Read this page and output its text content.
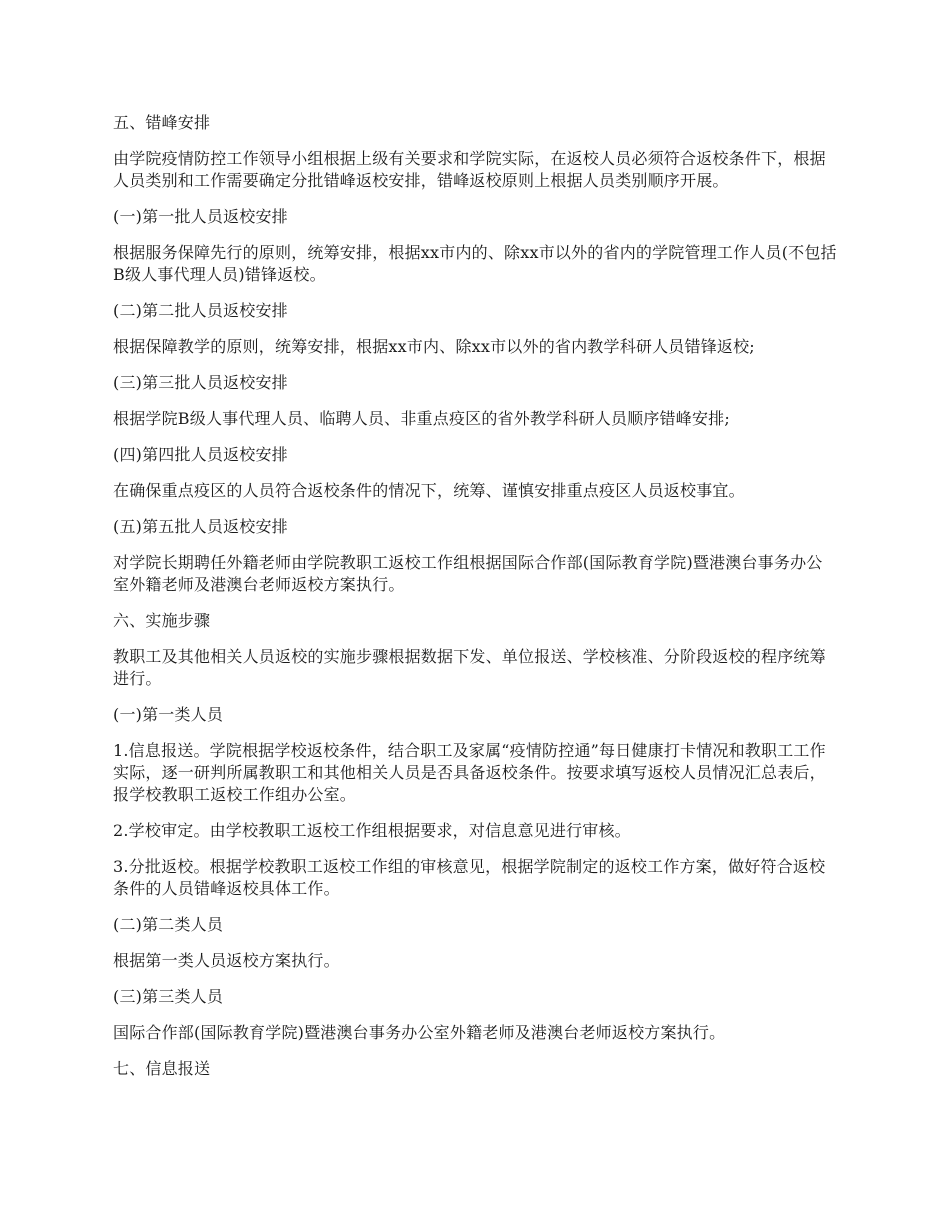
五、错峰安排

由学院疫情防控工作领导小组根据上级有关要求和学院实际，在返校人员必须符合返校条件下，根据人员类别和工作需要确定分批错峰返校安排，错峰返校原则上根据人员类别顺序开展。

(一)第一批人员返校安排

根据服务保障先行的原则，统筹安排，根据xx市内的、除xx市以外的省内的学院管理工作人员(不包括B级人事代理人员)错锋返校。

(二)第二批人员返校安排

根据保障教学的原则，统筹安排，根据xx市内、除xx市以外的省内教学科研人员错锋返校;

(三)第三批人员返校安排

根据学院B级人事代理人员、临聘人员、非重点疫区的省外教学科研人员顺序错峰安排;

(四)第四批人员返校安排

在确保重点疫区的人员符合返校条件的情况下，统筹、谨慎安排重点疫区人员返校事宜。

(五)第五批人员返校安排

对学院长期聘任外籍老师由学院教职工返校工作组根据国际合作部(国际教育学院)暨港澳台事务办公室外籍老师及港澳台老师返校方案执行。

六、实施步骤

教职工及其他相关人员返校的实施步骤根据数据下发、单位报送、学校核准、分阶段返校的程序统筹进行。

(一)第一类人员

1.信息报送。学院根据学校返校条件，结合职工及家属“疫情防控通”每日健康打卡情况和教职工工作实际，逐一研判所属教职工和其他相关人员是否具备返校条件。按要求填写返校人员情况汇总表后，报学校教职工返校工作组办公室。

2.学校审定。由学校教职工返校工作组根据要求，对信息意见进行审核。

3.分批返校。根据学校教职工返校工作组的审核意见，根据学院制定的返校工作方案，做好符合返校条件的人员错峰返校具体工作。

(二)第二类人员

根据第一类人员返校方案执行。

(三)第三类人员

国际合作部(国际教育学院)暨港澳台事务办公室外籍老师及港澳台老师返校方案执行。

七、信息报送
